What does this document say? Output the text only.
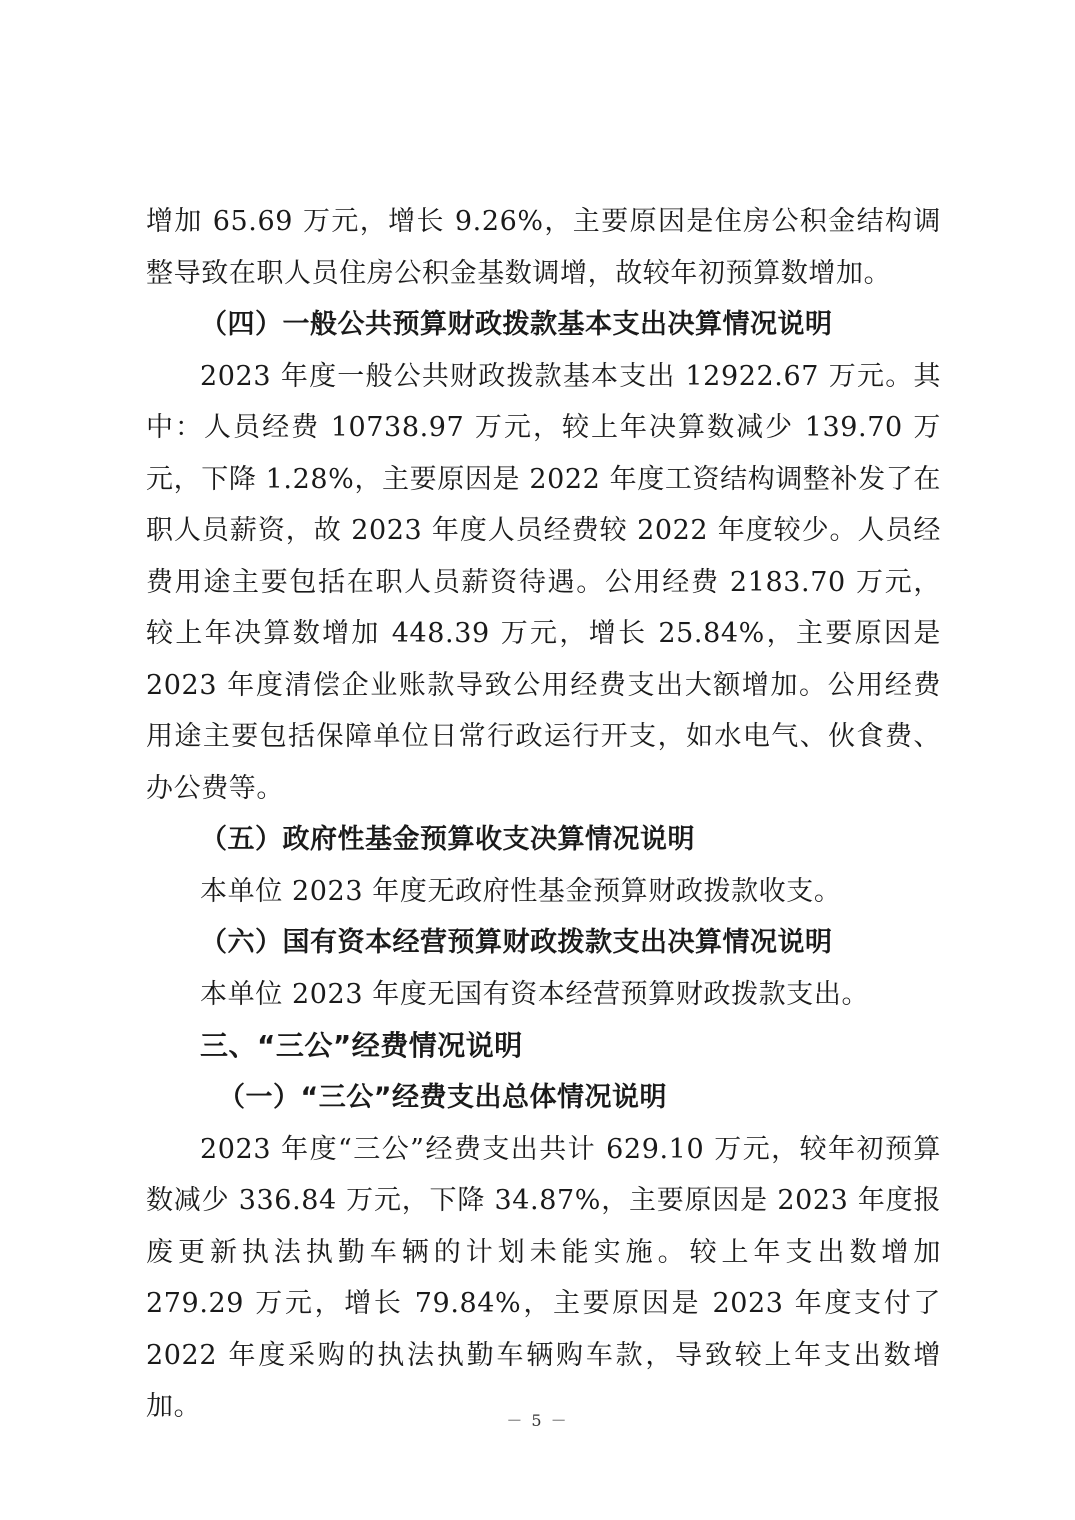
增加 65.69 万元，增长 9.26%，主要原因是住房公积金结构调整导致在职人员住房公积金基数调增，故较年初预算数增加。

（四）一般公共预算财政拨款基本支出决算情况说明

2023 年度一般公共财政拨款基本支出 12922.67 万元。其中：人员经费 10738.97 万元，较上年决算数减少 139.70 万元，下降 1.28%，主要原因是 2022 年度工资结构调整补发了在职人员薪资，故 2023 年度人员经费较 2022 年度较少。人员经费用途主要包括在职人员薪资待遇。公用经费 2183.70 万元，较上年决算数增加 448.39 万元，增长 25.84%，主要原因是 2023 年度清偿企业账款导致公用经费支出大额增加。公用经费用途主要包括保障单位日常行政运行开支，如水电气、伙食费、办公费等。

（五）政府性基金预算收支决算情况说明

本单位 2023 年度无政府性基金预算财政拨款收支。

（六）国有资本经营预算财政拨款支出决算情况说明

本单位 2023 年度无国有资本经营预算财政拨款支出。

三、“三公”经费情况说明

（一）“三公”经费支出总体情况说明

2023 年度“三公”经费支出共计 629.10 万元，较年初预算数减少 336.84 万元，下降 34.87%，主要原因是 2023 年度报废更新执法执勤车辆的计划未能实施。较上年支出数增加 279.29 万元，增长 79.84%，主要原因是 2023 年度支付了 2022 年度采购的执法执勤车辆购车款，导致较上年支出数增加。	－ 5 －
